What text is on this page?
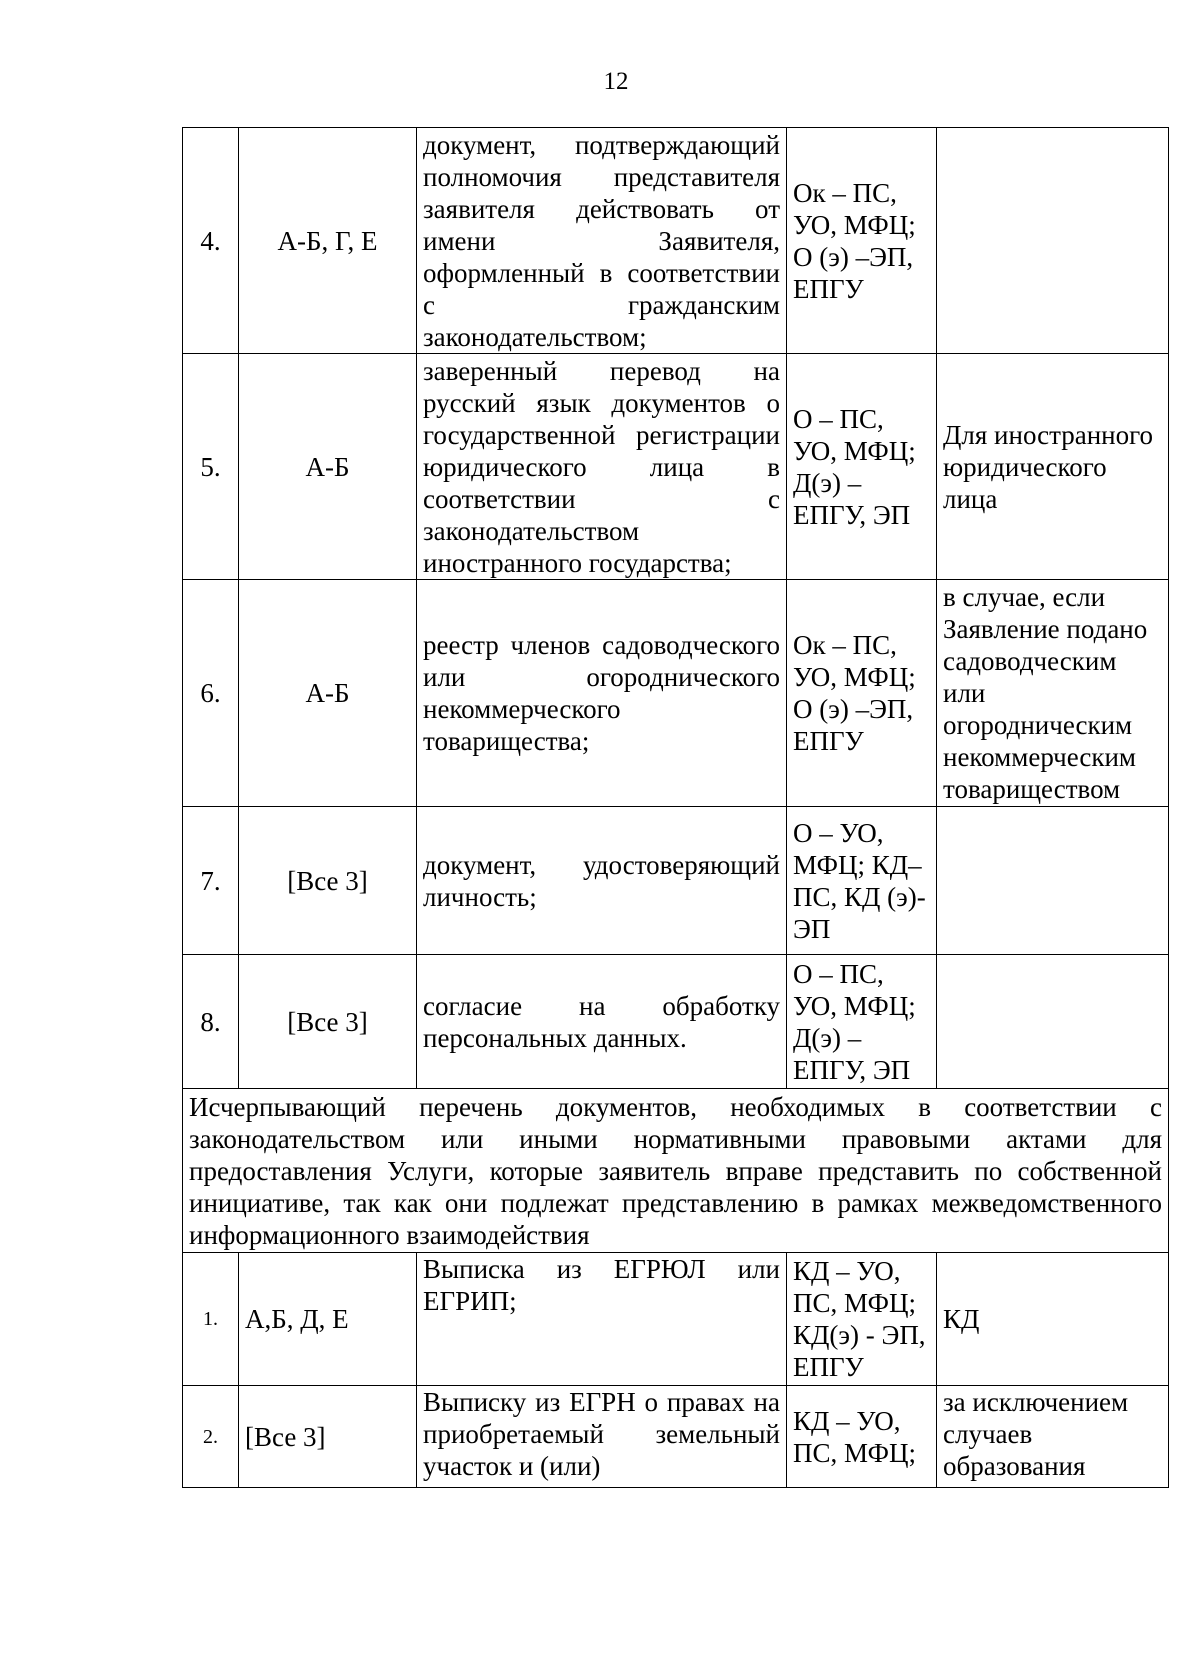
12
4.	А-Б, Г, Е	документ, подтверждающий полномочия представителя заявителя действовать от имени Заявителя, оформленный в соответствии с гражданским законодательством;	Ок – ПС, УО, МФЦ; О (э) –ЭП, ЕПГУ	
5.	А-Б	заверенный перевод на русский язык документов о государственной регистрации юридического лица в соответствии с законодательством иностранного государства;	О – ПС, УО, МФЦ; Д(э) – ЕПГУ, ЭП	Для иностранного юридического лица
6.	А-Б	реестр членов садоводческого или огороднического некоммерческого товарищества;	Ок – ПС, УО, МФЦ; О (э) –ЭП, ЕПГУ	в случае, если Заявление подано садоводческим или огородническим некоммерческим товариществом
7.	[Все 3]	документ, удостоверяющий личность;	О – УО, МФЦ; КД– ПС, КД (э)- ЭП	
8.	[Все 3]	согласие на обработку персональных данных.	О – ПС, УО, МФЦ; Д(э) – ЕПГУ, ЭП	
Исчерпывающий перечень документов, необходимых в соответствии с законодательством или иными нормативными правовыми актами для предоставления Услуги, которые заявитель вправе представить по собственной инициативе, так как они подлежат представлению в рамках межведомственного информационного взаимодействия				
1.	А,Б, Д, Е	Выписка из ЕГРЮЛ или ЕГРИП;	КД – УО, ПС, МФЦ; КД(э) - ЭП, ЕПГУ	КД
2.	[Все 3]	Выписку из ЕГРН о правах на приобретаемый земельный участок и (или)	КД – УО, ПС, МФЦ;	за исключением случаев образования
